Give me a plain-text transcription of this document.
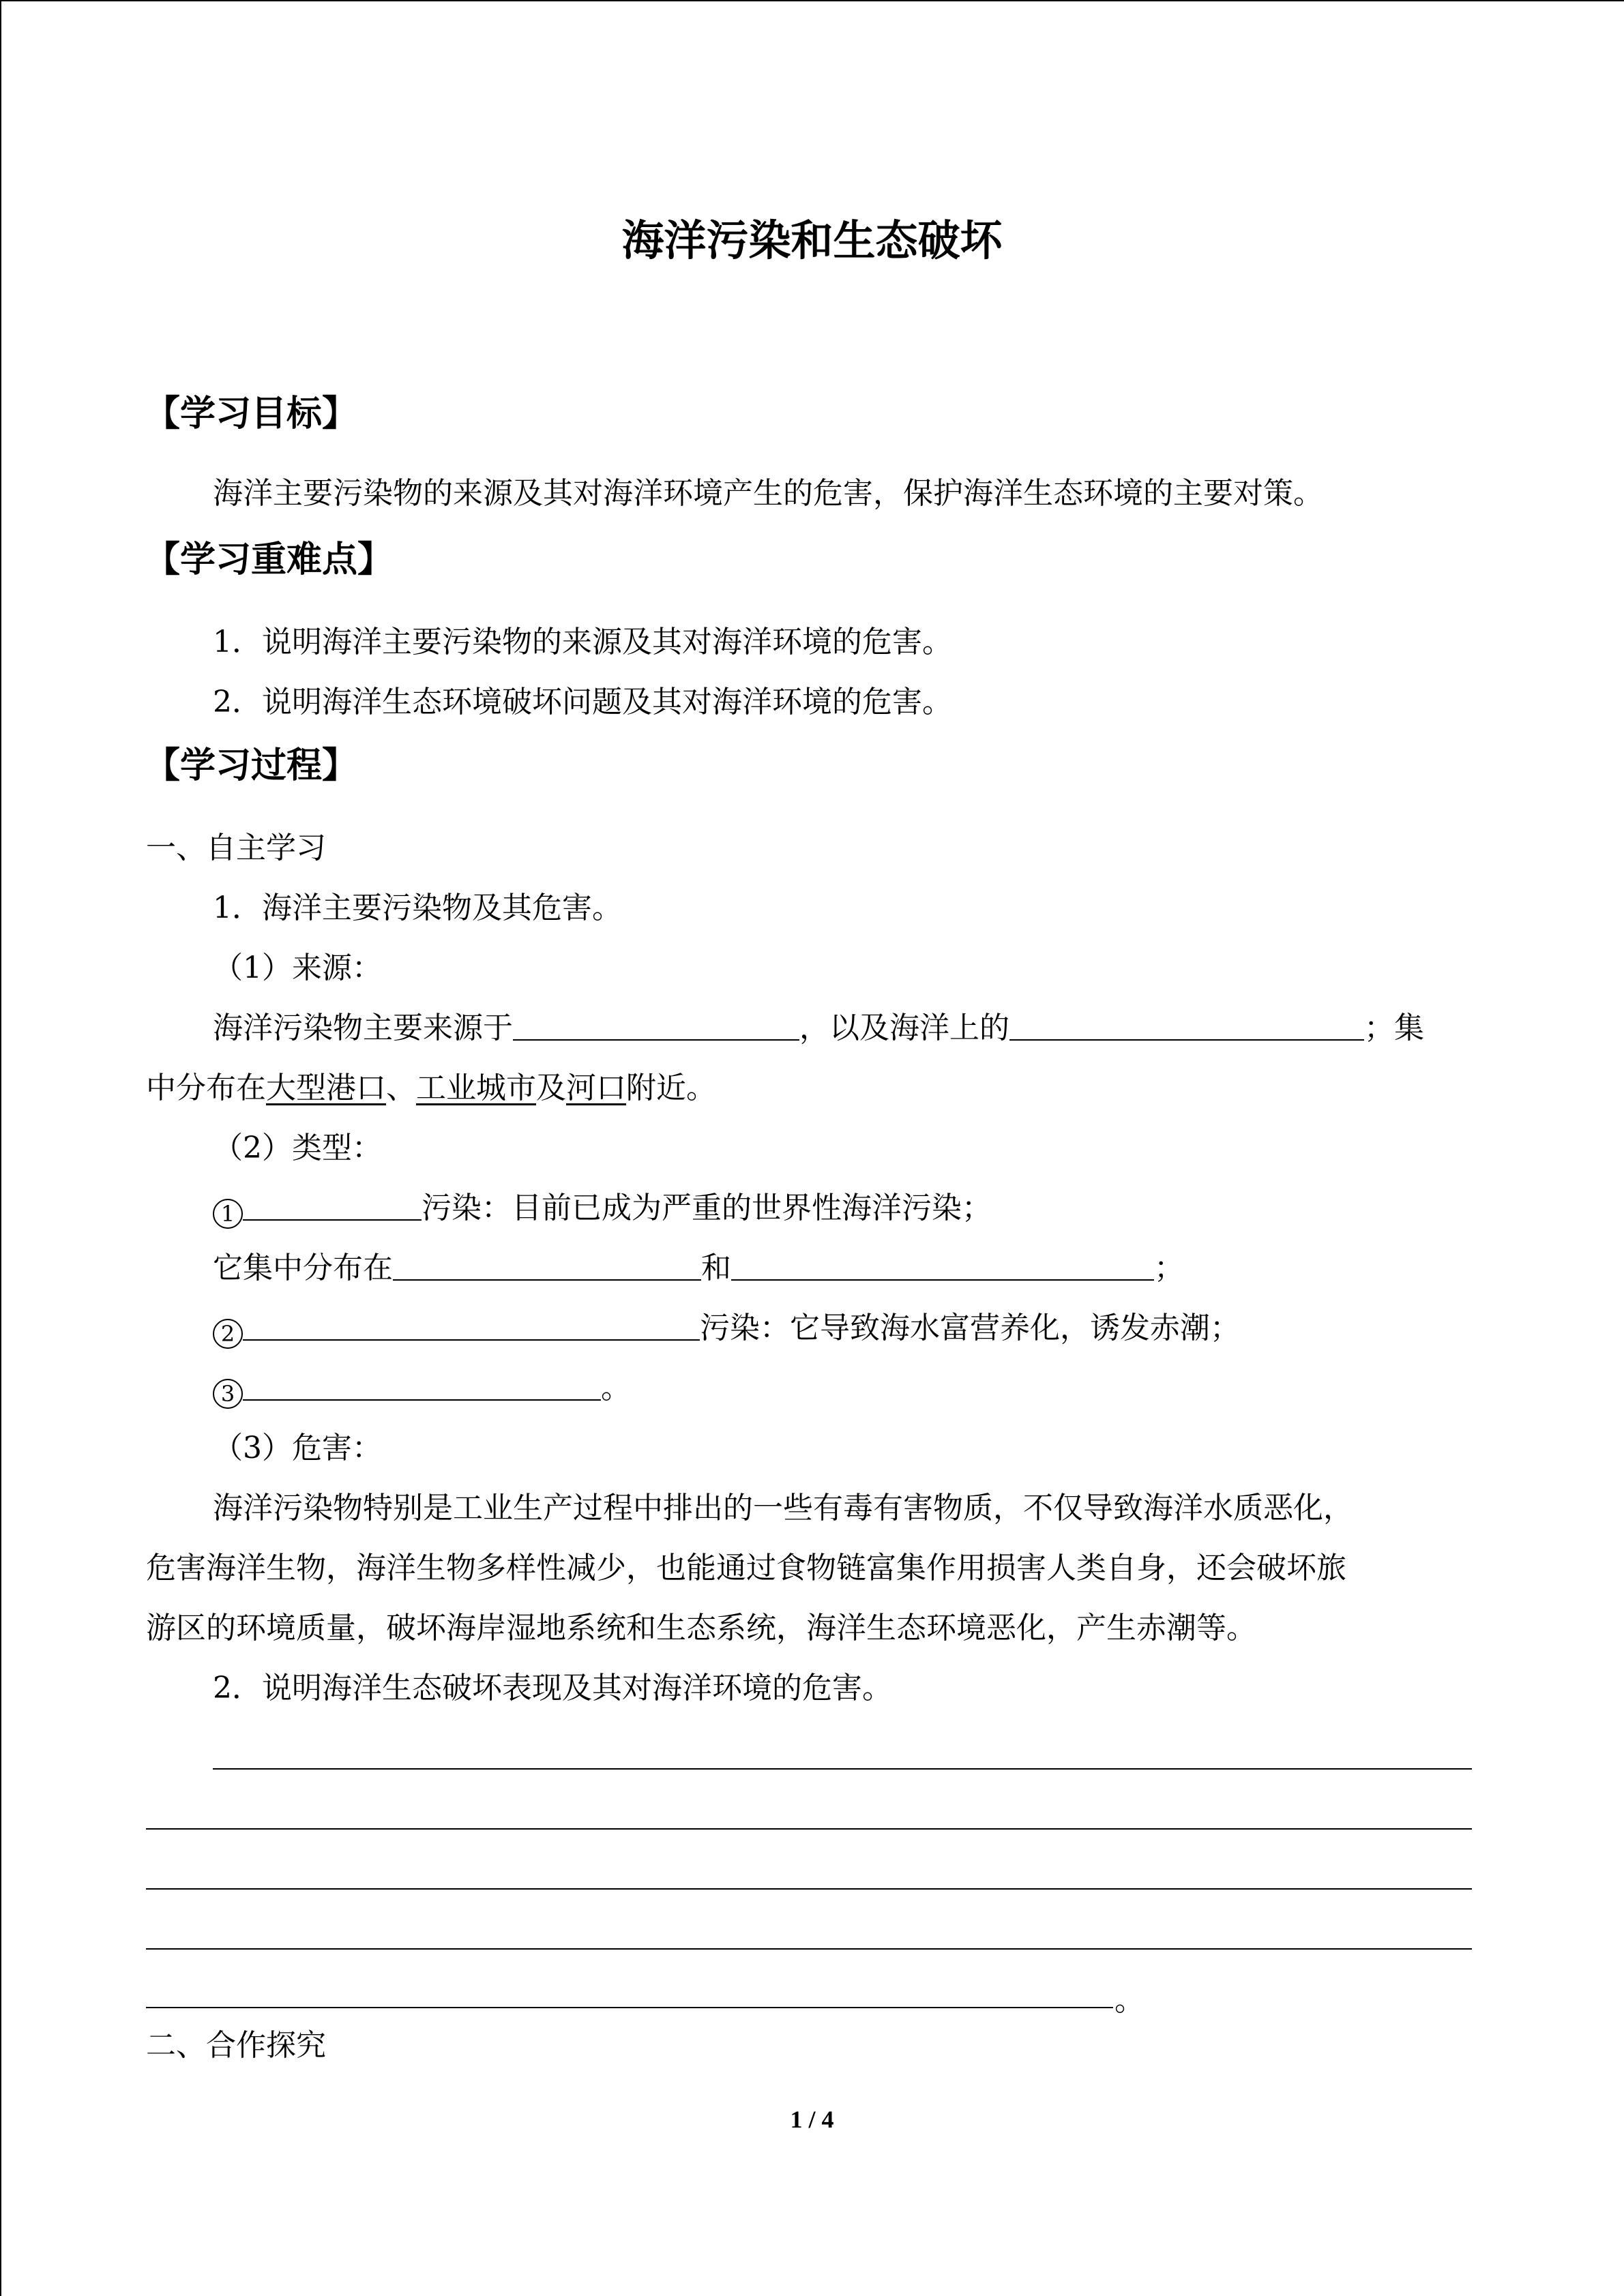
海洋污染和生态破坏
【学习目标】
海洋主要污染物的来源及其对海洋环境产生的危害，保护海洋生态环境的主要对策。
【学习重难点】
1．说明海洋主要污染物的来源及其对海洋环境的危害。
2．说明海洋生态环境破坏问题及其对海洋环境的危害。
【学习过程】
一、自主学习
1．海洋主要污染物及其危害。
（1）来源：
海洋污染物主要来源于	，以及海洋上的	；集
中分布在大型港口、工业城市及河口附近。
（2）类型：
1	污染：目前已成为严重的世界性海洋污染；
它集中分布在	和	；
2	污染：它导致海水富营养化，诱发赤潮；
3	。
（3）危害：
海洋污染物特别是工业生产过程中排出的一些有毒有害物质，不仅导致海洋水质恶化，
危害海洋生物，海洋生物多样性减少，也能通过食物链富集作用损害人类自身，还会破坏旅
游区的环境质量，破坏海岸湿地系统和生态系统，海洋生态环境恶化，产生赤潮等。
2．说明海洋生态破坏表现及其对海洋环境的危害。
。
二、合作探究
1 / 4
